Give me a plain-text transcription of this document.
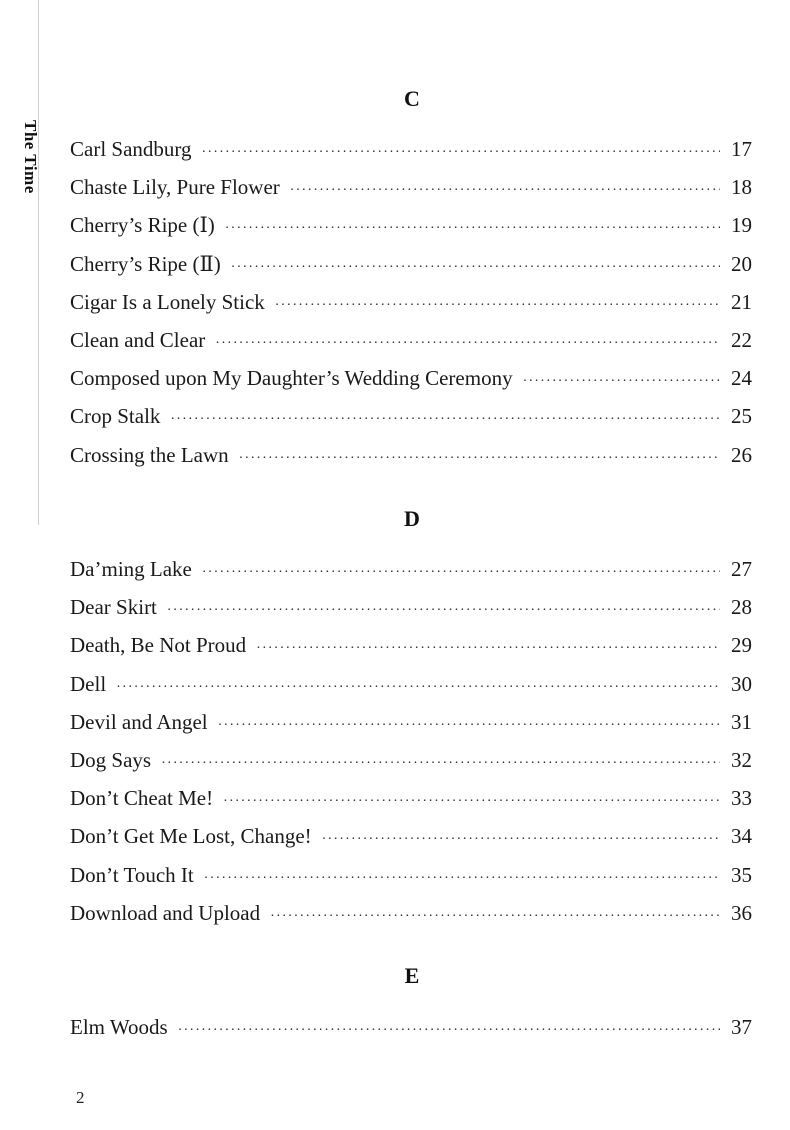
The Time
C
Carl Sandburg ·····	17
Chaste Lily, Pure Flower ·····	18
Cherry’s Ripe (Ⅰ) ·····	19
Cherry’s Ripe (Ⅱ) ·····	20
Cigar Is a Lonely Stick ·····	21
Clean and Clear ·····	22
Composed upon My Daughter’s Wedding Ceremony ·····	24
Crop Stalk ·····	25
Crossing the Lawn ·····	26
D
Da’ming Lake ·····	27
Dear Skirt ·····	28
Death, Be Not Proud ·····	29
Dell ·····	30
Devil and Angel ·····	31
Dog Says ·····	32
Don’t Cheat Me! ·····	33
Don’t Get Me Lost, Change! ·····	34
Don’t Touch It ·····	35
Download and Upload ·····	36
E
Elm Woods ·····	37
2
